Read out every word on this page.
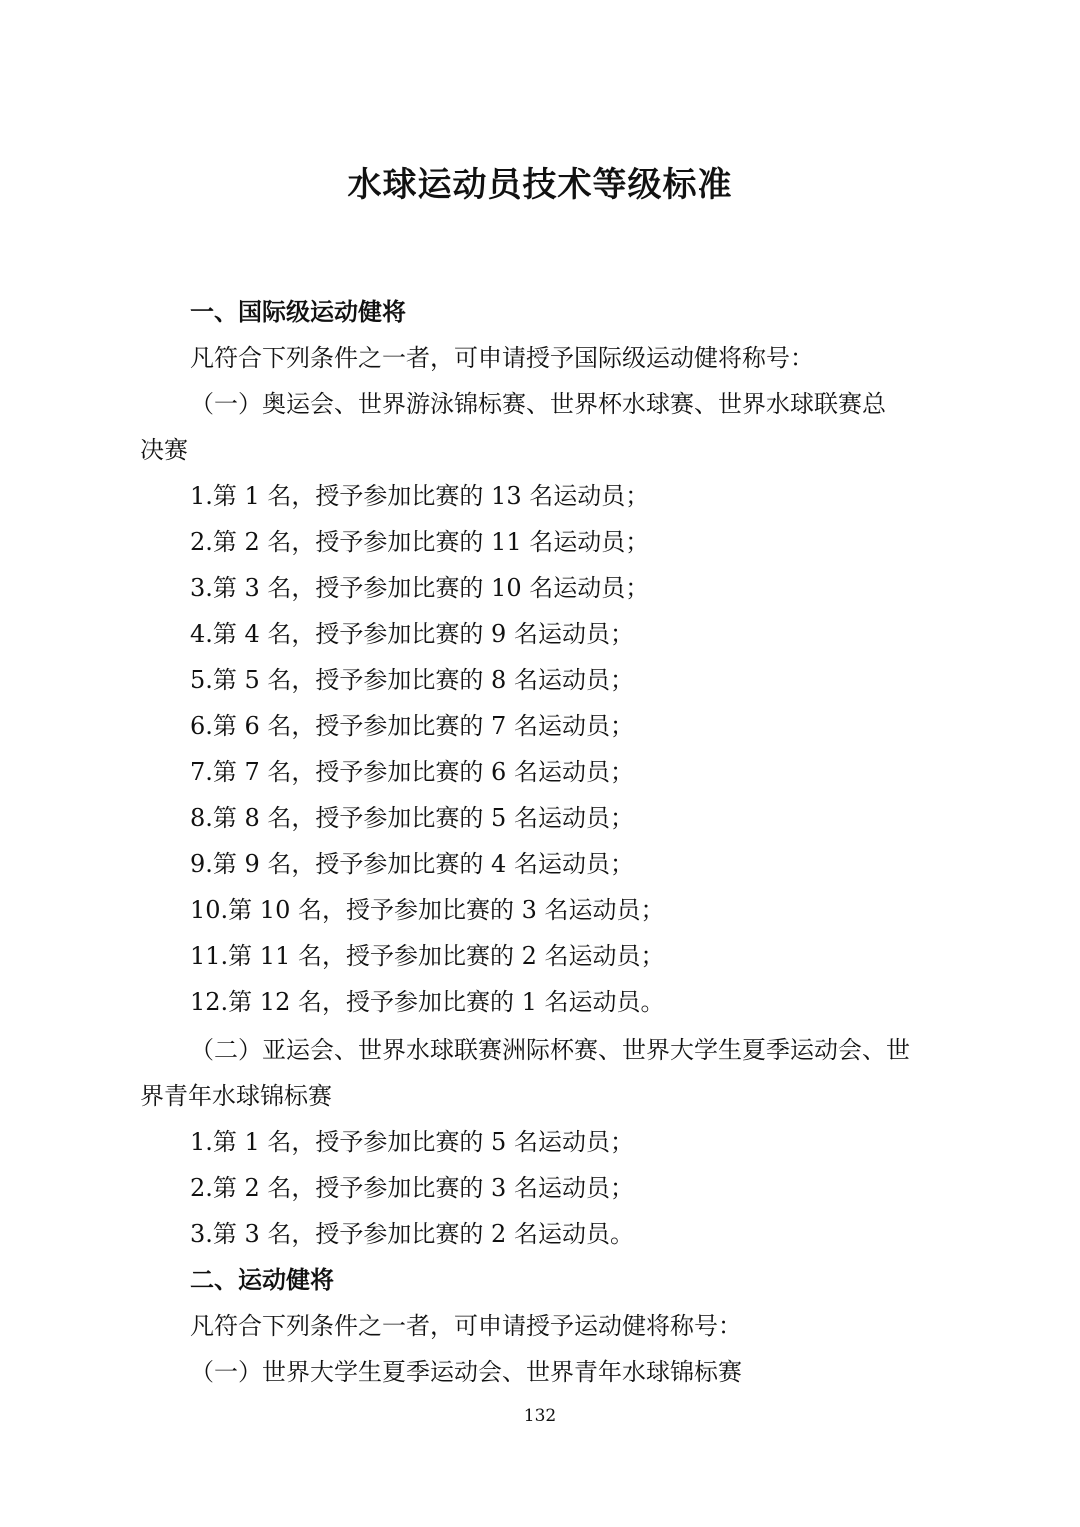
水球运动员技术等级标准
一、国际级运动健将
凡符合下列条件之一者，可申请授予国际级运动健将称号：
（一）奥运会、世界游泳锦标赛、世界杯水球赛、世界水球联赛总
决赛
1.第 1 名，授予参加比赛的 13 名运动员；
2.第 2 名，授予参加比赛的 11 名运动员；
3.第 3 名，授予参加比赛的 10 名运动员；
4.第 4 名，授予参加比赛的 9 名运动员；
5.第 5 名，授予参加比赛的 8 名运动员；
6.第 6 名，授予参加比赛的 7 名运动员；
7.第 7 名，授予参加比赛的 6 名运动员；
8.第 8 名，授予参加比赛的 5 名运动员；
9.第 9 名，授予参加比赛的 4 名运动员；
10.第 10 名，授予参加比赛的 3 名运动员；
11.第 11 名，授予参加比赛的 2 名运动员；
12.第 12 名，授予参加比赛的 1 名运动员。
（二）亚运会、世界水球联赛洲际杯赛、世界大学生夏季运动会、世
界青年水球锦标赛
1.第 1 名，授予参加比赛的 5 名运动员；
2.第 2 名，授予参加比赛的 3 名运动员；
3.第 3 名，授予参加比赛的 2 名运动员。
二、运动健将
凡符合下列条件之一者，可申请授予运动健将称号：
（一）世界大学生夏季运动会、世界青年水球锦标赛
132
